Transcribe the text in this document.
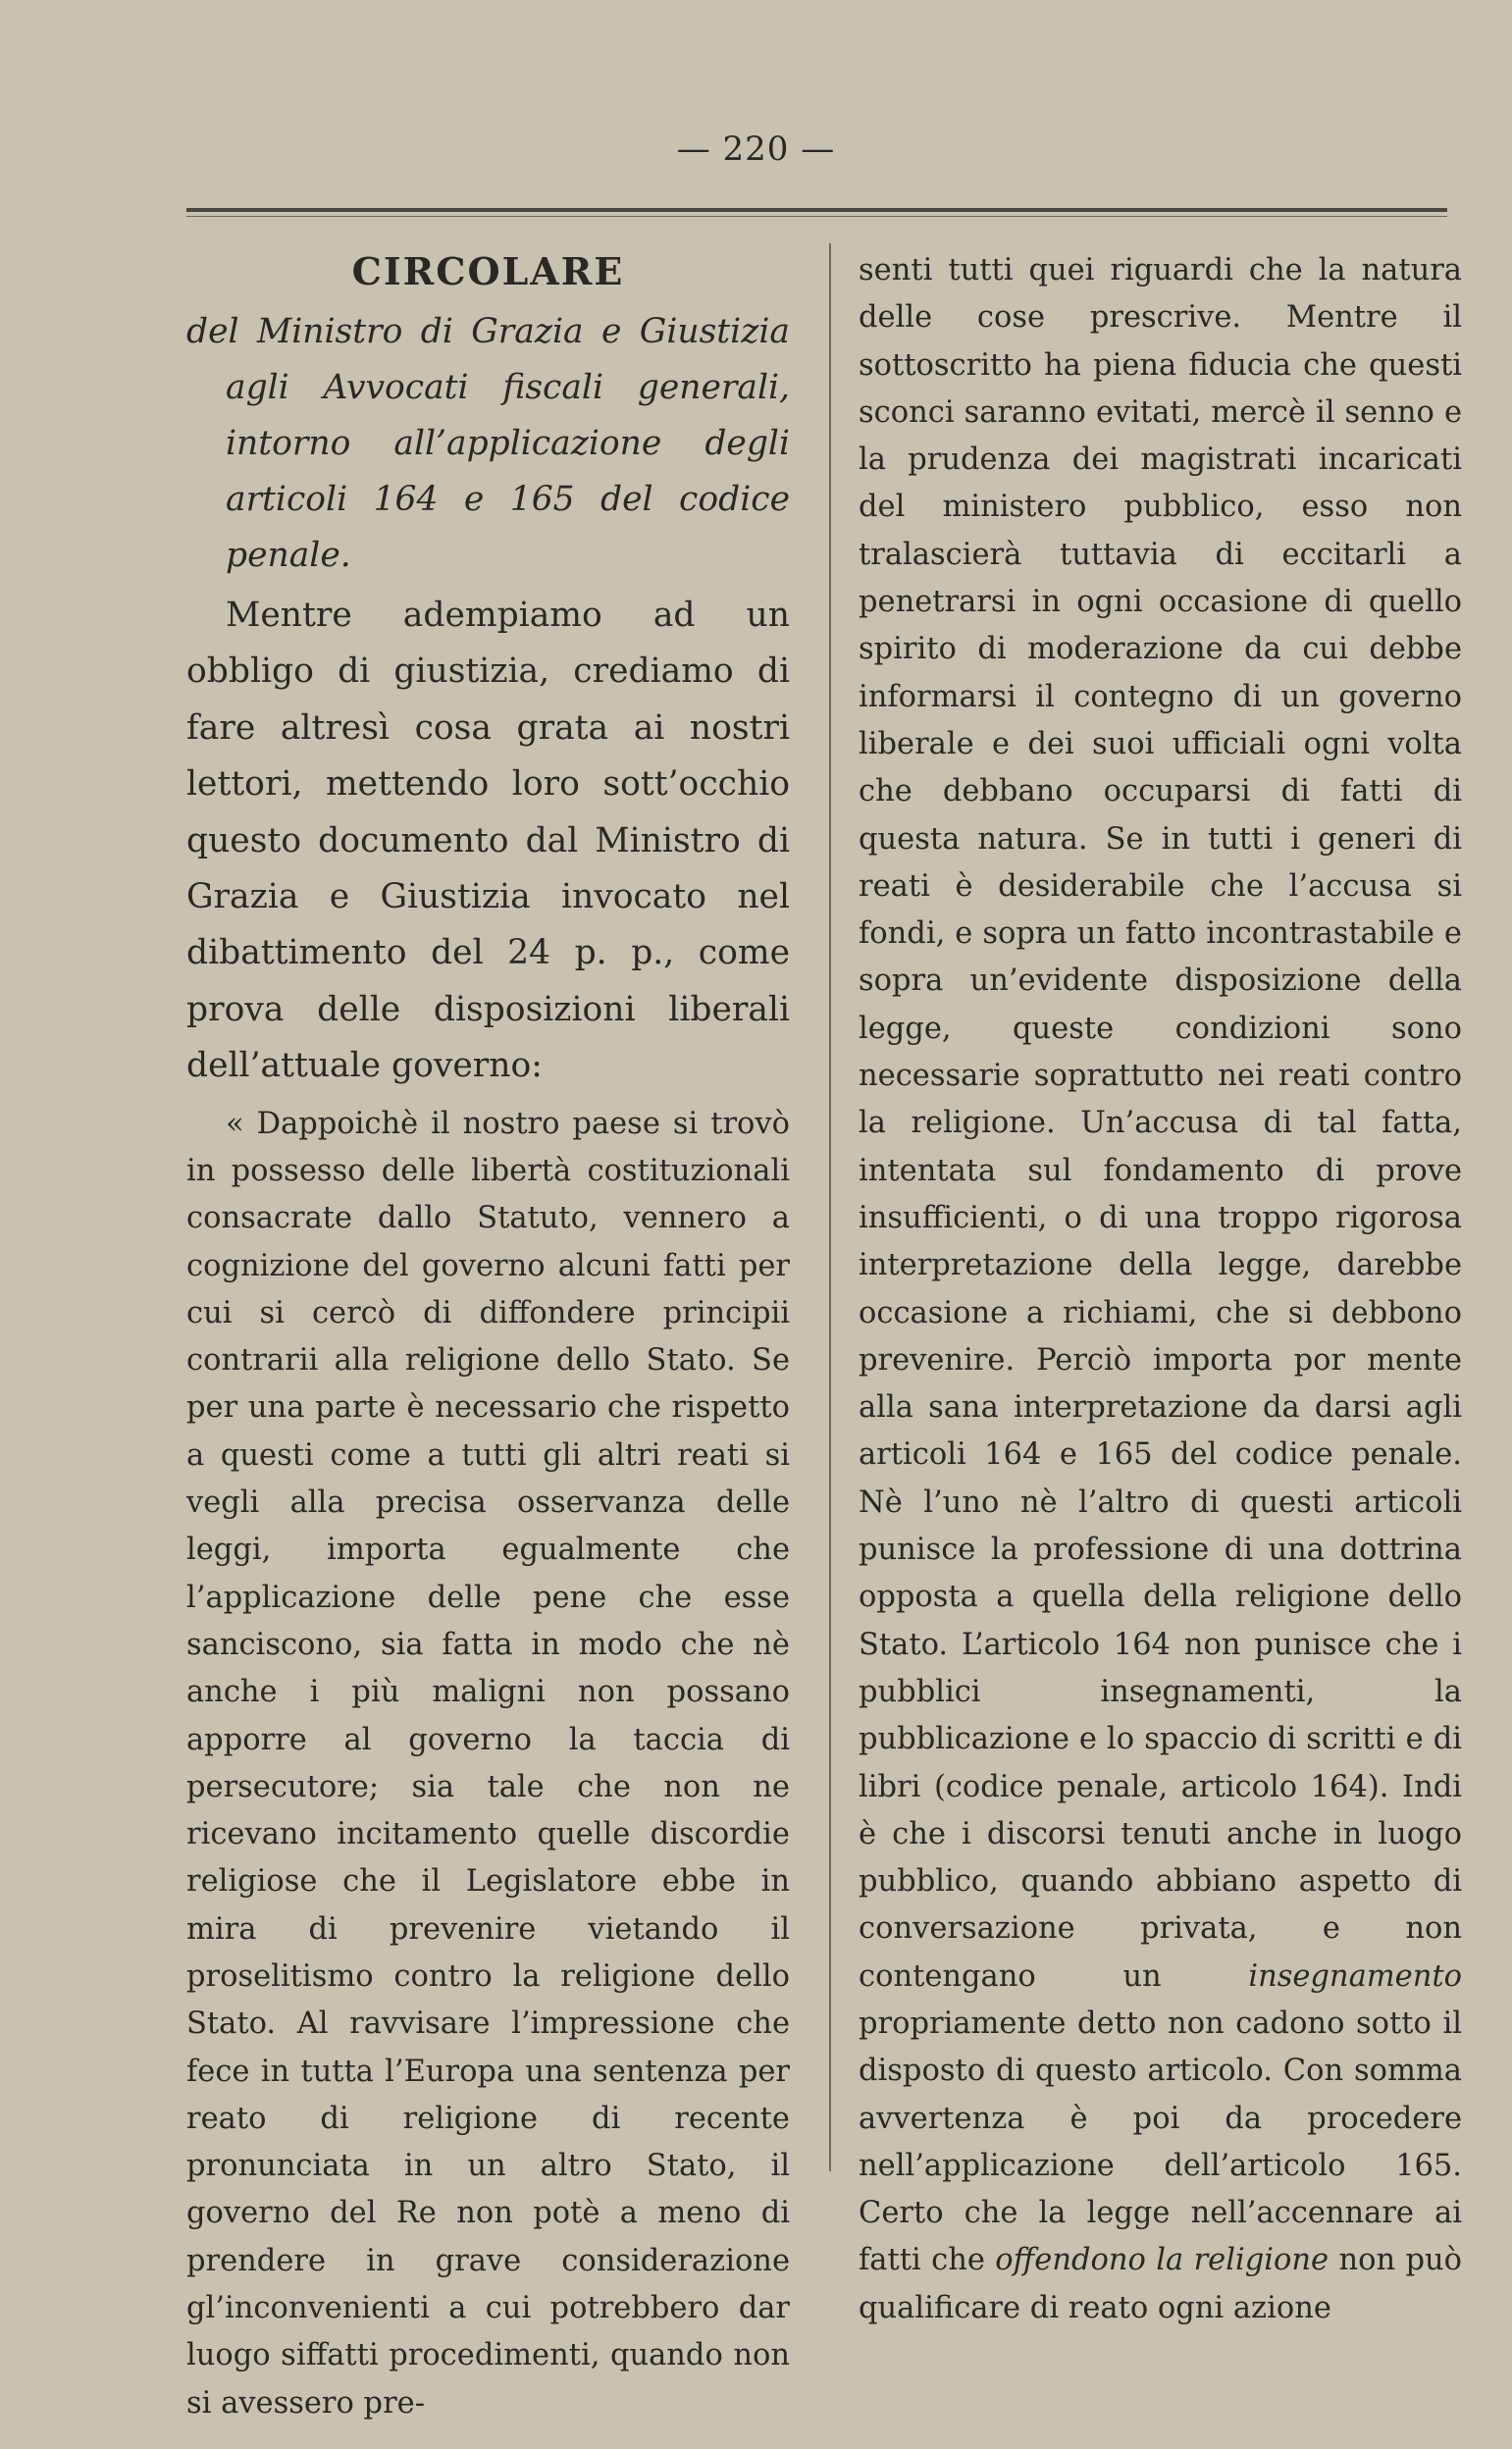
— 220 —
CIRCOLARE

del Ministro di Grazia e Giustizia agli Avvocati fiscali generali, intorno all’applicazione degli articoli 164 e 165 del codice penale.

Mentre adempiamo ad un obbligo di giustizia, crediamo di fare altresì cosa grata ai nostri lettori, mettendo loro sott’occhio questo documento dal Ministro di Grazia e Giustizia invocato nel dibattimento del 24 p. p., come prova delle disposizioni liberali dell’attuale governo:

« Dappoichè il nostro paese si trovò in possesso delle libertà costituzionali consacrate dallo Statuto, vennero a cognizione del governo alcuni fatti per cui si cercò di diffondere principii contrarii alla religione dello Stato. Se per una parte è necessario che rispetto a questi come a tutti gli altri reati si vegli alla precisa osservanza delle leggi, importa egualmente che l’applicazione delle pene che esse sanciscono, sia fatta in modo che nè anche i più maligni non possano apporre al governo la taccia di persecutore; sia tale che non ne ricevano incitamento quelle discordie religiose che il Legislatore ebbe in mira di prevenire vietando il proselitismo contro la religione dello Stato. Al ravvisare l’impressione che fece in tutta l’Europa una sentenza per reato di religione di recente pronunciata in un altro Stato, il governo del Re non potè a meno di prendere in grave considerazione gl’inconvenienti a cui potrebbero dar luogo siffatti procedimenti, quando non si avessero pre-

senti tutti quei riguardi che la natura delle cose prescrive. Mentre il sottoscritto ha piena fiducia che questi sconci saranno evitati, mercè il senno e la prudenza dei magistrati incaricati del ministero pubblico, esso non tralascierà tuttavia di eccitarli a penetrarsi in ogni occasione di quello spirito di moderazione da cui debbe informarsi il contegno di un governo liberale e dei suoi ufficiali ogni volta che debbano occuparsi di fatti di questa natura. Se in tutti i generi di reati è desiderabile che l’accusa si fondi, e sopra un fatto incontrastabile e sopra un’evidente disposizione della legge, queste condizioni sono necessarie soprattutto nei reati contro la religione. Un’accusa di tal fatta, intentata sul fondamento di prove insufficienti, o di una troppo rigorosa interpretazione della legge, darebbe occasione a richiami, che si debbono prevenire. Perciò importa por mente alla sana interpretazione da darsi agli articoli 164 e 165 del codice penale. Nè l’uno nè l’altro di questi articoli punisce la professione di una dottrina opposta a quella della religione dello Stato. L’articolo 164 non punisce che i pubblici insegnamenti, la pubblicazione e lo spaccio di scritti e di libri (codice penale, articolo 164). Indi è che i discorsi tenuti anche in luogo pubblico, quando abbiano aspetto di conversazione privata, e non contengano un	insegnamento propriamente detto non cadono sotto il disposto di questo articolo. Con somma avvertenza è poi da procedere nell’applicazione dell’articolo 165. Certo che la legge nell’accennare ai fatti che offendono la religione non può qualificare di reato ogni azione
